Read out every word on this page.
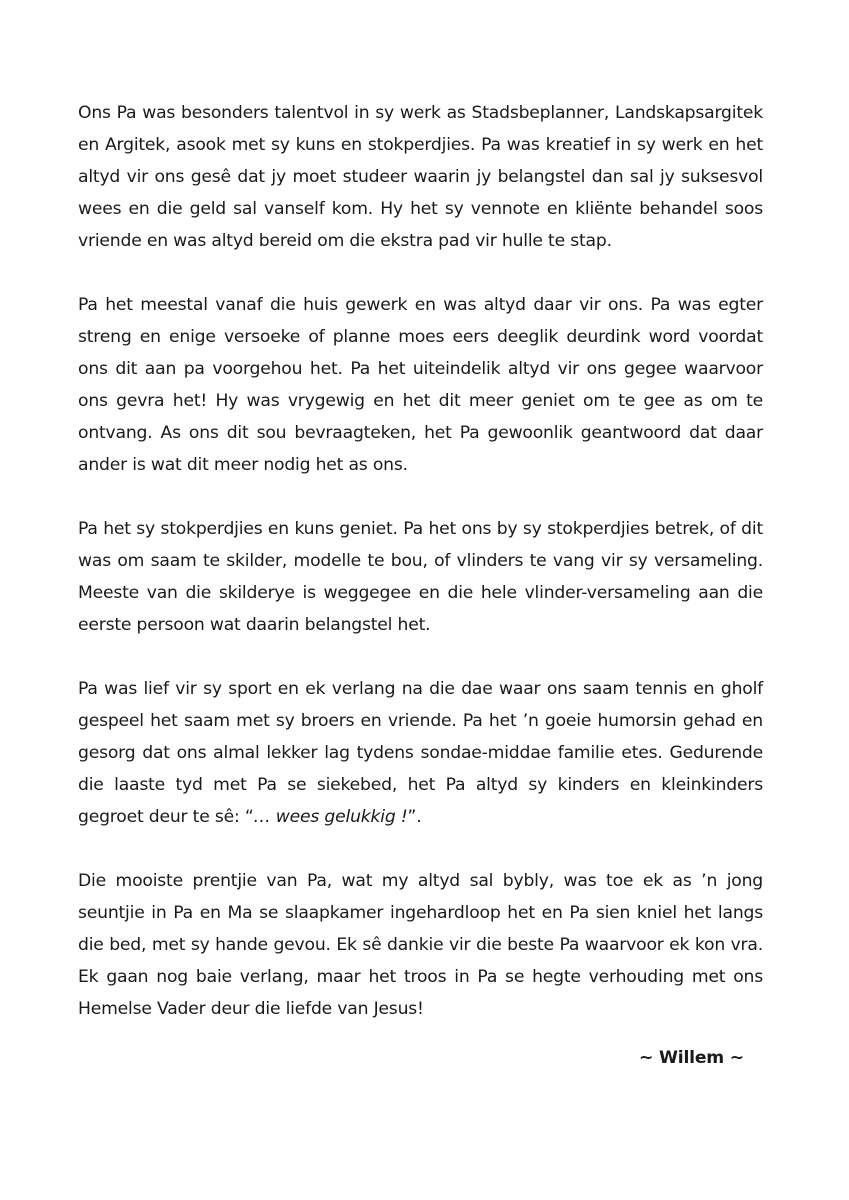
Ons Pa was besonders talentvol in sy werk as Stadsbeplanner, Landskapsargitek en Argitek, asook met sy kuns en stokperdjies. Pa was kreatief in sy werk en het altyd vir ons gesê dat jy moet studeer waarin jy belangstel dan sal jy suksesvol wees en die geld sal vanself kom. Hy het sy vennote en kliënte behandel soos vriende en was altyd bereid om die ekstra pad vir hulle te stap.

Pa het meestal vanaf die huis gewerk en was altyd daar vir ons. Pa was egter streng en enige versoeke of planne moes eers deeglik deurdink word voordat ons dit aan pa voorgehou het. Pa het uiteindelik altyd vir ons gegee waarvoor ons gevra het! Hy was vrygewig en het dit meer geniet om te gee as om te ontvang. As ons dit sou bevraagteken, het Pa gewoonlik geantwoord dat daar ander is wat dit meer nodig het as ons.

Pa het sy stokperdjies en kuns geniet. Pa het ons by sy stokperdjies betrek, of dit was om saam te skilder, modelle te bou, of vlinders te vang vir sy versameling. Meeste van die skilderye is weggegee en die hele vlinder-versameling aan die eerste persoon wat daarin belangstel het.

Pa was lief vir sy sport en ek verlang na die dae waar ons saam tennis en gholf gespeel het saam met sy broers en vriende. Pa het ’n goeie humorsin gehad en gesorg dat ons almal lekker lag tydens sondae-middae familie etes. Gedurende die laaste tyd met Pa se siekebed, het Pa altyd sy kinders en kleinkinders gegroet deur te sê: “… wees gelukkig !”.

Die mooiste prentjie van Pa, wat my altyd sal bybly, was toe ek as ’n jong seuntjie in Pa en Ma se slaapkamer ingehardloop het en Pa sien kniel het langs die bed, met sy hande gevou. Ek sê dankie vir die beste Pa waarvoor ek kon vra. Ek gaan nog baie verlang, maar het troos in Pa se hegte verhouding met ons Hemelse Vader deur die liefde van Jesus!

~ Willem ~
